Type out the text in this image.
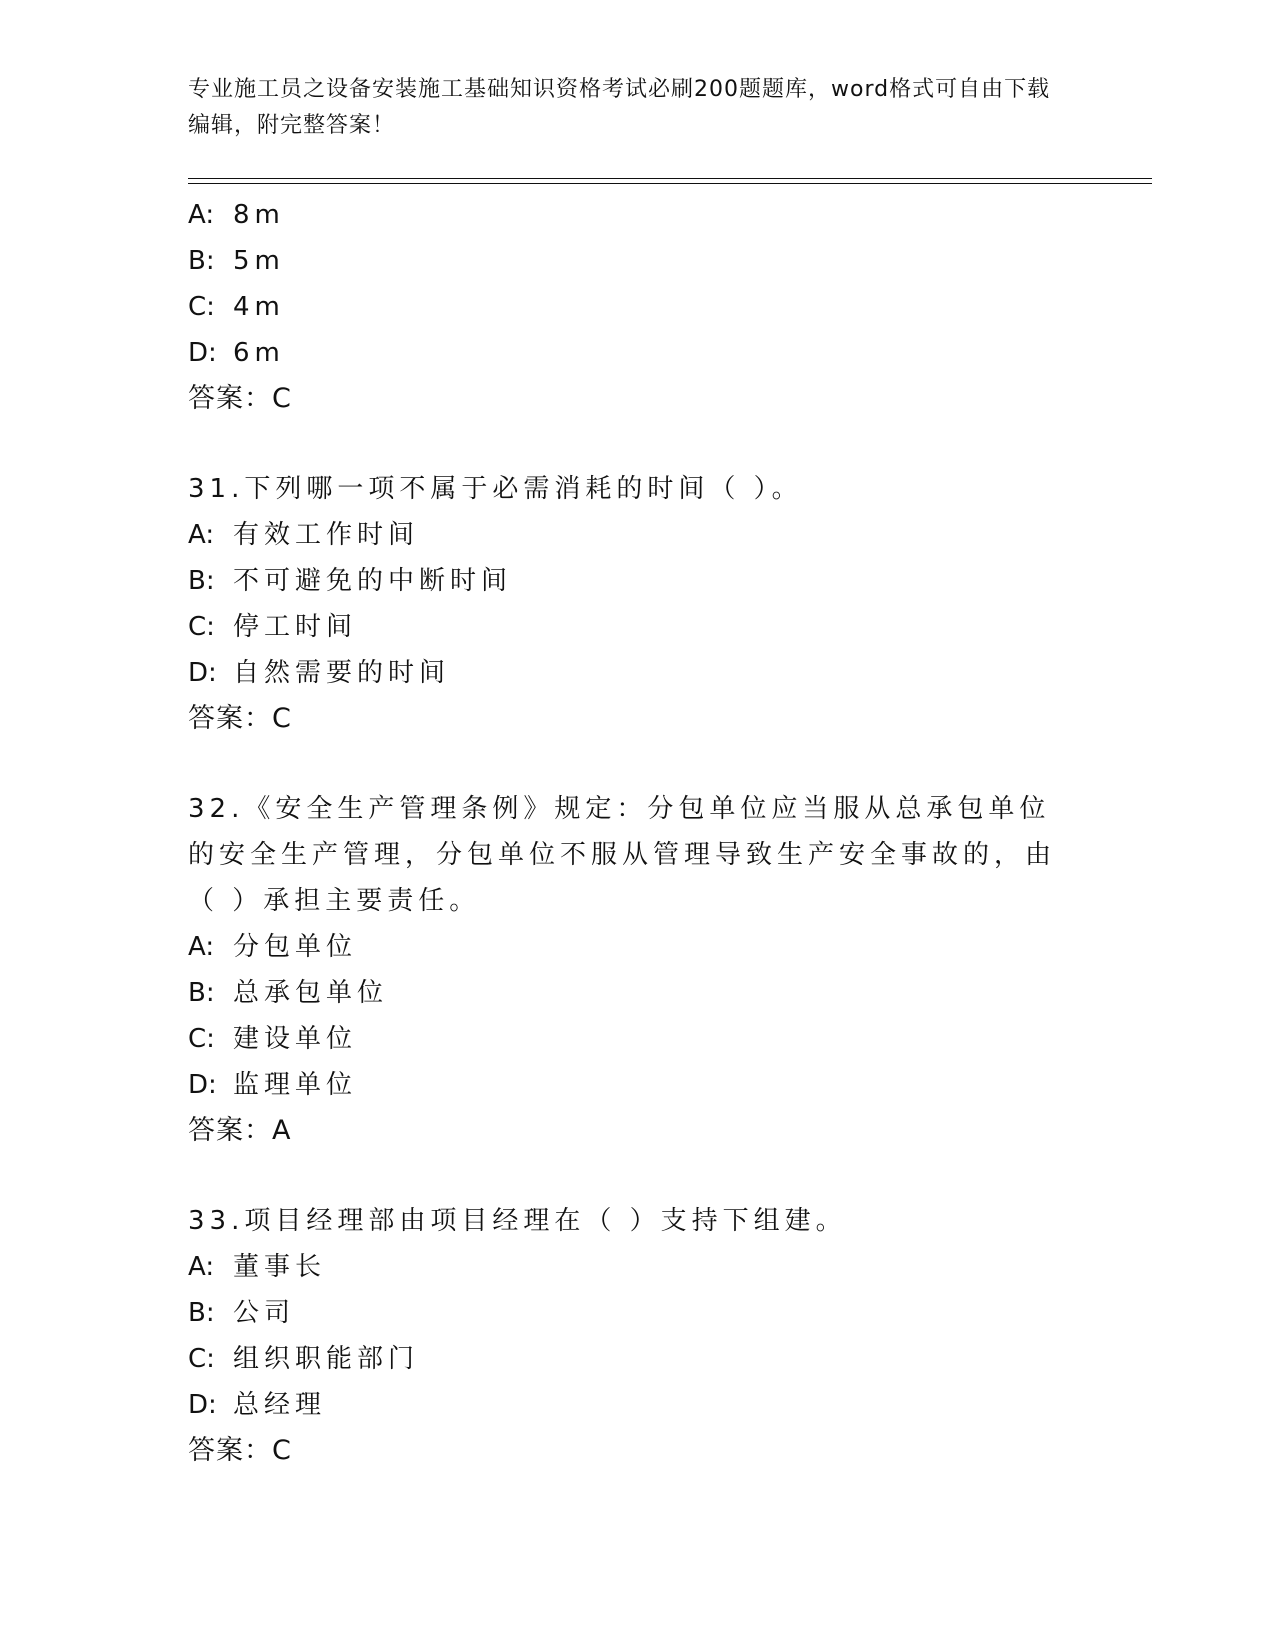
专业施工员之设备安装施工基础知识资格考试必刷200题题库，word格式可自由下载编辑，附完整答案！
A: 8m
B: 5m
C: 4m
D: 6m
答案：C
31.下列哪一项不属于必需消耗的时间（ ）。
A: 有效工作时间
B: 不可避免的中断时间
C: 停工时间
D: 自然需要的时间
答案：C
32.《安全生产管理条例》规定：分包单位应当服从总承包单位的安全生产管理，分包单位不服从管理导致生产安全事故的，由（ ）承担主要责任。
A: 分包单位
B: 总承包单位
C: 建设单位
D: 监理单位
答案：A
33.项目经理部由项目经理在（ ）支持下组建。
A: 董事长
B: 公司
C: 组织职能部门
D: 总经理
答案：C
